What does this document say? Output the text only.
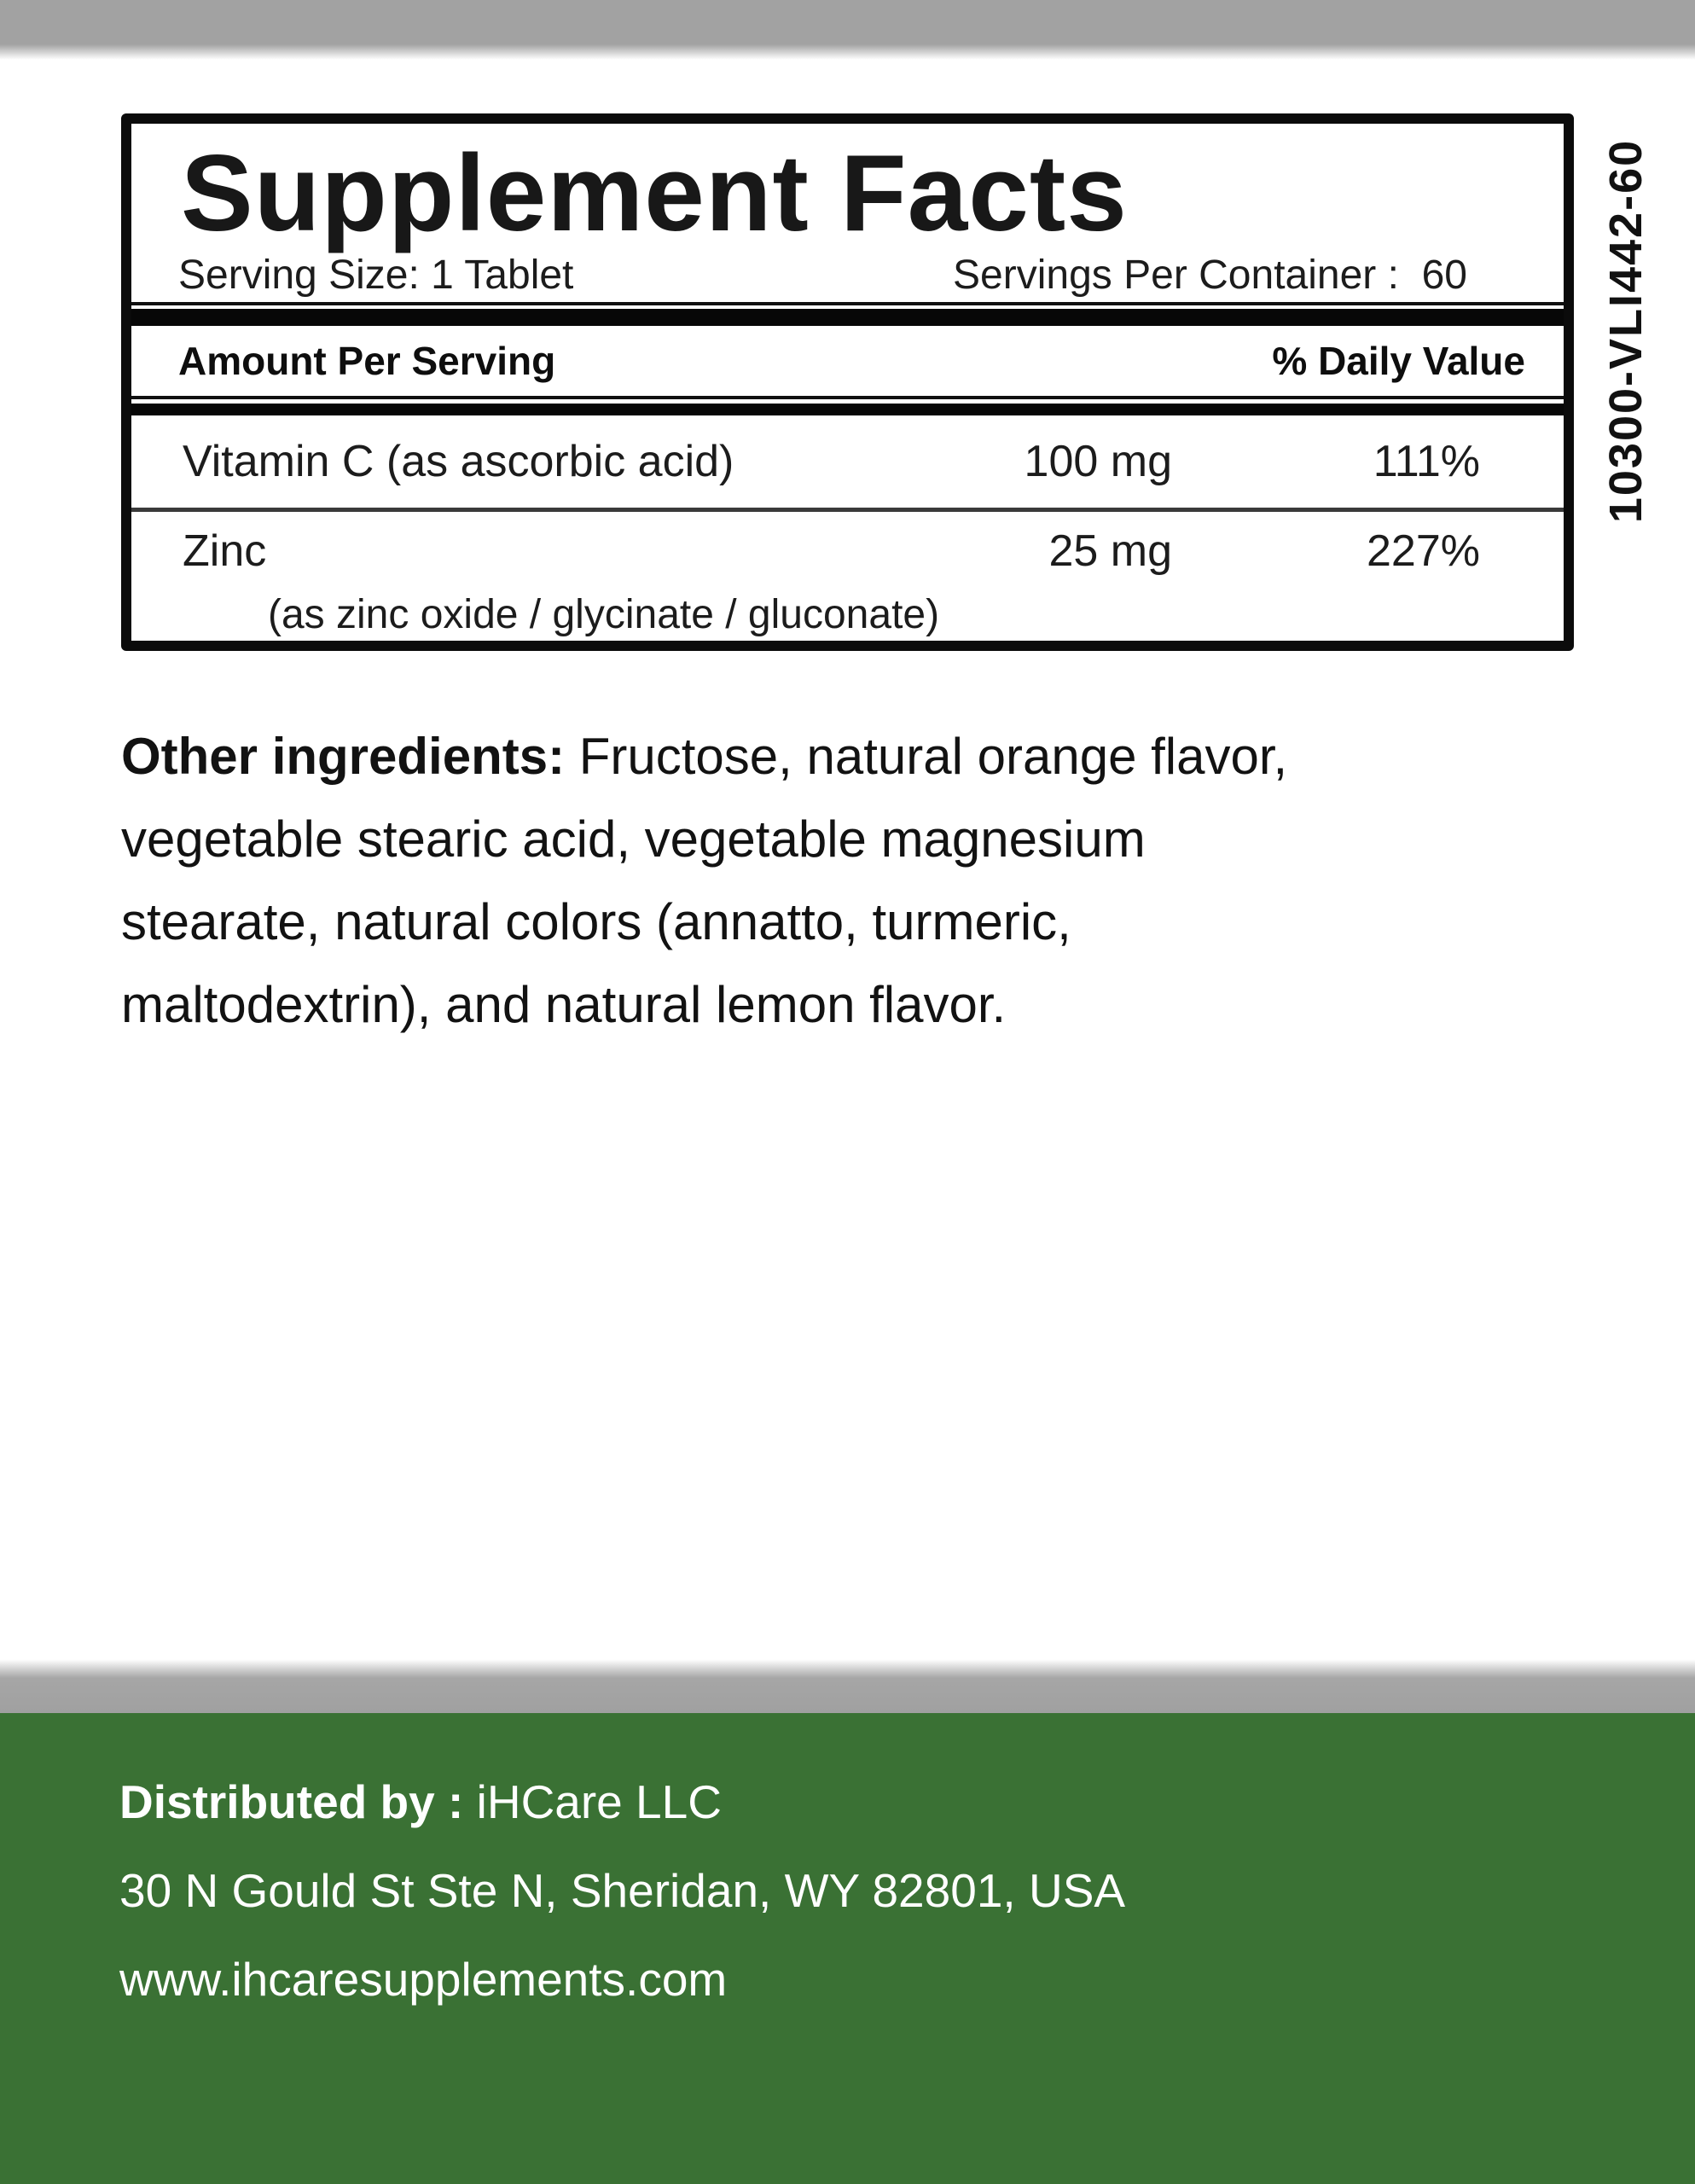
Supplement Facts
Serving Size: 1 Tablet	Servings Per Container :  60
Amount Per Serving	% Daily Value
Vitamin C (as ascorbic acid)	100 mg	111%
Zinc	25 mg	227%
(as zinc oxide / glycinate / gluconate)
10300-VLI442-60
Other ingredients: Fructose, natural orange flavor,
vegetable stearic acid, vegetable magnesium
stearate, natural colors (annatto, turmeric,
maltodextrin), and natural lemon flavor.
Distributed by : iHCare LLC
30 N Gould St Ste N, Sheridan, WY 82801, USA
www.ihcaresupplements.com
